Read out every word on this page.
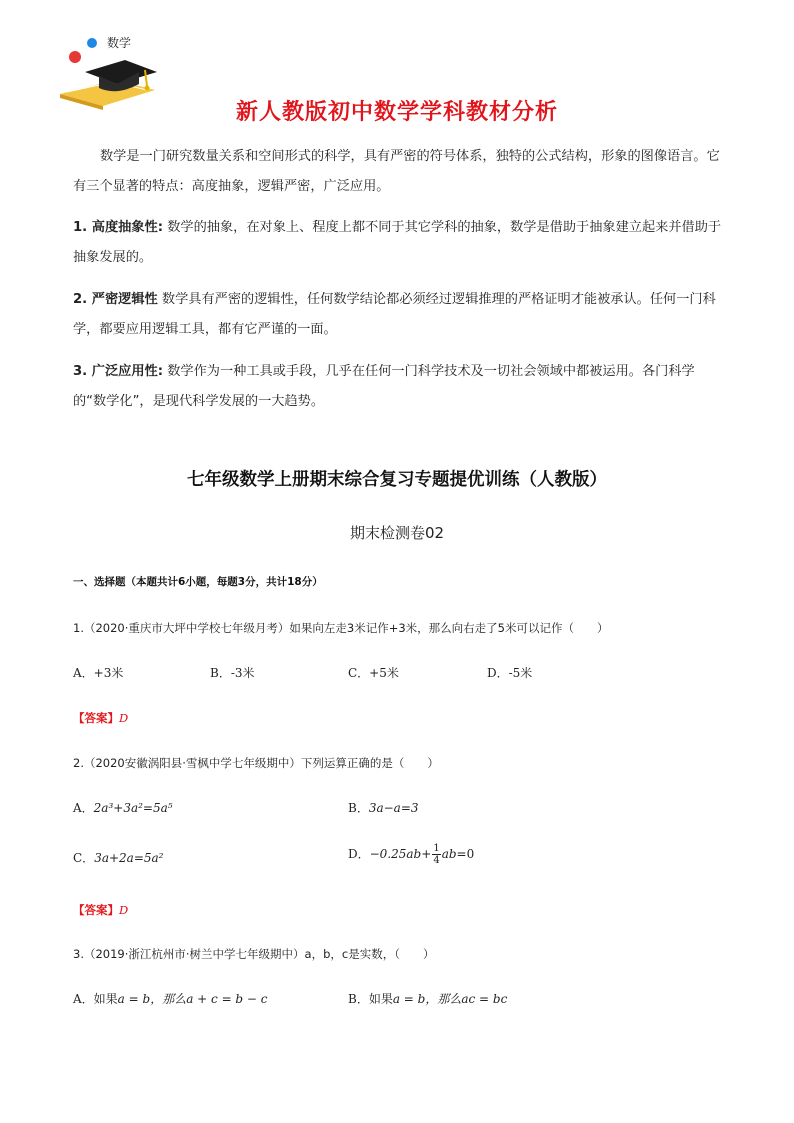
数学
新人教版初中数学学科教材分析
数学是一门研究数量关系和空间形式的科学，具有严密的符号体系，独特的公式结构，形象的图像语言。它有三个显著的特点：高度抽象，逻辑严密，广泛应用。
1. 高度抽象性: 数学的抽象，在对象上、程度上都不同于其它学科的抽象，数学是借助于抽象建立起来并借助于抽象发展的。
2. 严密逻辑性 数学具有严密的逻辑性，任何数学结论都必须经过逻辑推理的严格证明才能被承认。任何一门科学，都要应用逻辑工具，都有它严谨的一面。
3. 广泛应用性: 数学作为一种工具或手段，几乎在任何一门科学技术及一切社会领域中都被运用。各门科学的“数学化”，是现代科学发展的一大趋势。
七年级数学上册期末综合复习专题提优训练（人教版）
期末检测卷02
一、选择题（本题共计6小题，每题3分，共计18分）
1.（2020·重庆市大坪中学校七年级月考）如果向左走3米记作+3米，那么向右走了5米可以记作（　　）
A．+3米	B．-3米	C．+5米	D．-5米
【答案】D
2.（2020安徽涡阳县·雪枫中学七年级期中）下列运算正确的是（　　）
A．2a³+3a²=5a⁵	B．3a−a=3
C．3a+2a=5a²	D．$-0.25ab+ \frac{1}{4} ab=0$
【答案】D
3.（2019·浙江杭州市·树兰中学七年级期中）a，b，c是实数，（　　）
A．如果a = b，那么a + c = b − c	B．如果a = b，那么ac = bc
